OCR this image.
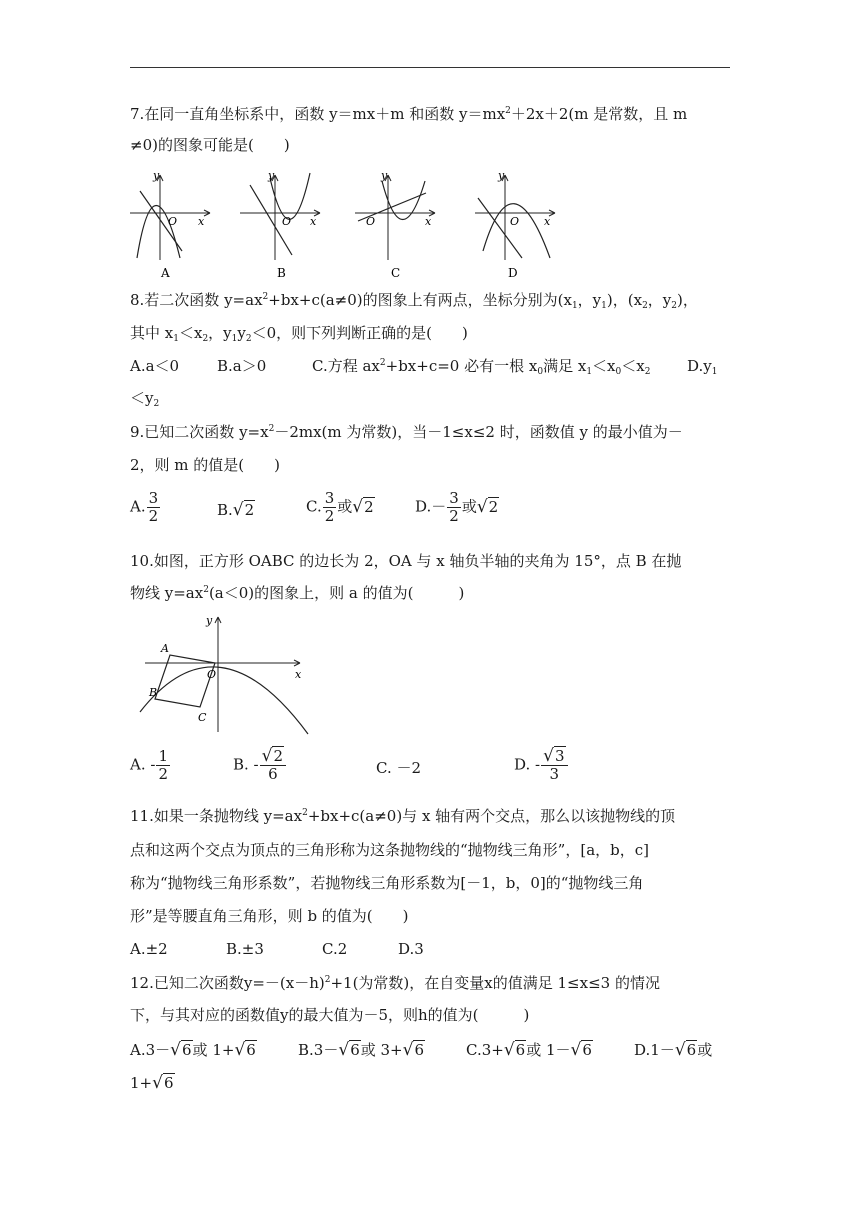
7.在同一直角坐标系中，函数 y＝mx＋m 和函数 $y=mx^2+2x+2(m$ 是常数，且 m
≠0)的图象可能是(　　)
y
x
O
A
y
x
O
B
y
x
O
C
y
x
O
D
8.若二次函数 $y=ax^2+bx+c(a\ne 0)$的图象上有两点，坐标分别为($x_1$，$y_1$)，($x_2$，$y_2$)，
其中 $x_1<x_2$，$y_1y_2<0$，则下列判断正确的是(　　)
A.a＜0	B.a＞0	C.方程 $ax^2+bx+c=0$ 必有一根 $x_0$满足 $x_1<x_0<x_2$ $D.y_1$
$<y_2$
9.已知二次函数 $y=x^2-2mx(m$ 为常数)，当－1≤x≤2 时，函数值 y 的最小值为－
2，则 m 的值是(　　)
A. $\frac{3}{2}$	B.√2	C. $\frac{3}{2}$ 或√2	$D.- \frac{3}{2}$ 或√2
10.如图，正方形 OABC 的边长为 2，OA 与 x 轴负半轴的夹角为 15°，点 B 在抛
物线 $y=ax^2(a<0)$的图象上，则 a 的值为(　　　)
y
x
O
A
B
C
A. - $\frac{1}{2}$	B. - $\frac{√2}{6}$	C. －2	D. - $\frac{√3}{3}$
11.如果一条抛物线 $y=ax^2+bx+c(a\ne 0)$与 x 轴有两个交点，那么以该抛物线的顶
点和这两个交点为顶点的三角形称为这条抛物线的“抛物线三角形”，[a，b，c]
称为“抛物线三角形系数”，若抛物线三角形系数为[－1，b，0]的“抛物线三角
形”是等腰直角三角形，则 b 的值为(　　)
A.±2	B.±3	C.2	D.3
12.已知二次函数$y=-(x-h)^2+1$(为常数)，在自变量x的值满足 1≤x≤3 的情况
下，与其对应的函数值y的最大值为－5，则h的值为(　　　)
A.3－√6或 1+√6	B.3－√6或 3+√6	C.3+√6或 1－√6	D.1－√6或
1+√6
